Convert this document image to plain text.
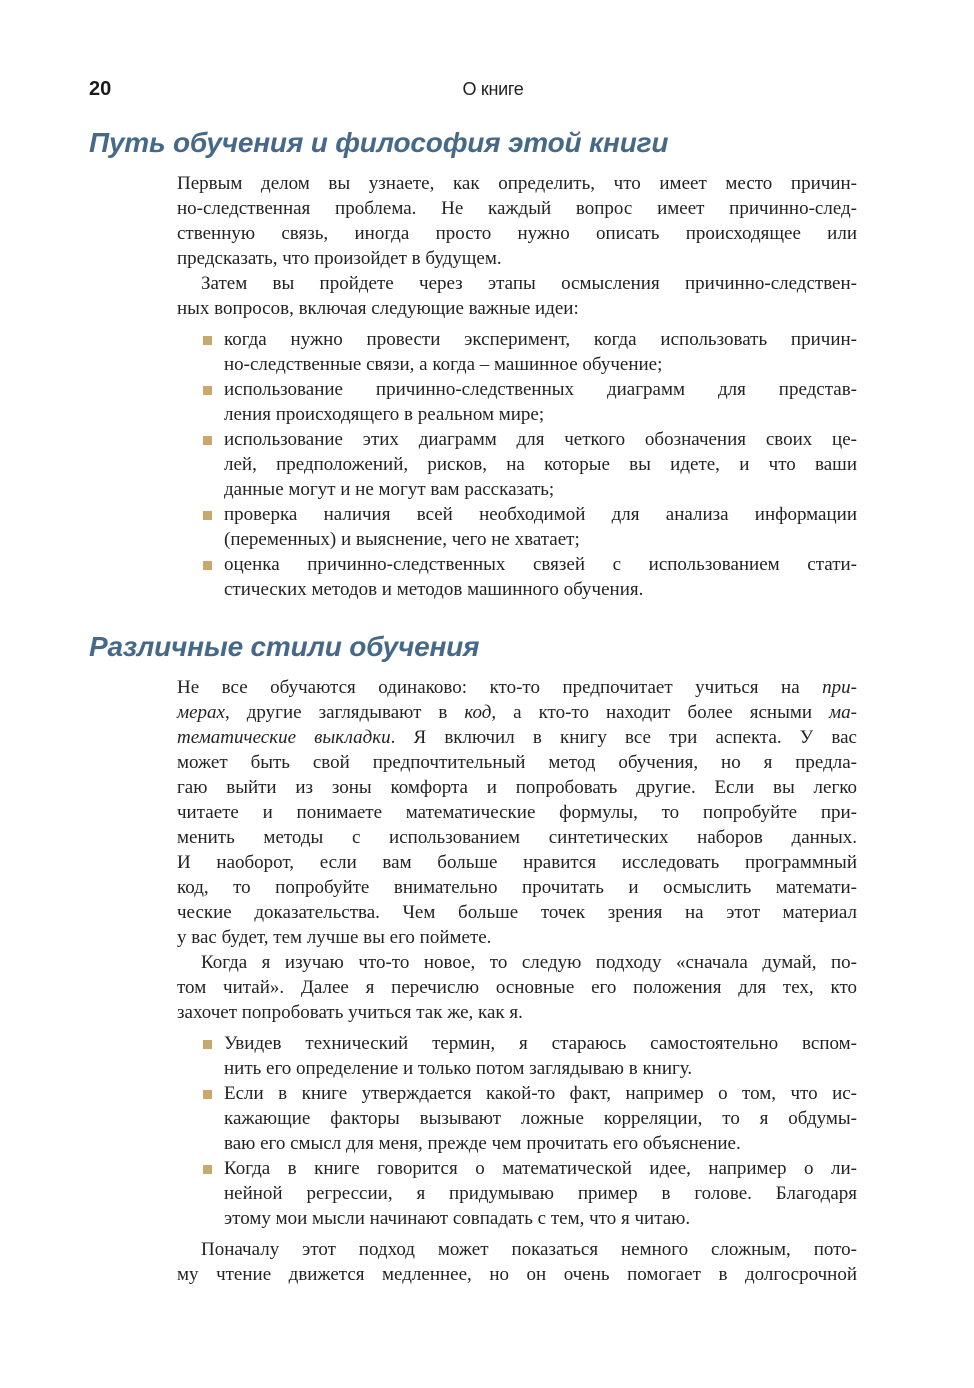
20	О книге
Путь обучения и философия этой книги
Первым делом вы узнаете, как определить, что имеет место причин-
но-следственная проблема. Не каждый вопрос имеет причинно-след-
ственную связь, иногда просто нужно описать происходящее или
предсказать, что произойдет в будущем.
Затем вы пройдете через этапы осмысления причинно-следствен-
ных вопросов, включая следующие важные идеи:
когда нужно провести эксперимент, когда использовать причин-
но-следственные связи, а когда – машинное обучение;
использование причинно-следственных диаграмм для представ-
ления происходящего в реальном мире;
использование этих диаграмм для четкого обозначения своих це-
лей, предположений, рисков, на которые вы идете, и что ваши
данные могут и не могут вам рассказать;
проверка наличия всей необходимой для анализа информации
(переменных) и выяснение, чего не хватает;
оценка причинно-следственных связей с использованием стати-
стических методов и методов машинного обучения.
Различные стили обучения
Не все обучаются одинаково: кто-то предпочитает учиться на при-
мерах, другие заглядывают в код, а кто-то находит более ясными ма-
тематические выкладки. Я включил в книгу все три аспекта. У вас
может быть свой предпочтительный метод обучения, но я предла-
гаю выйти из зоны комфорта и попробовать другие. Если вы легко
читаете и понимаете математические формулы, то попробуйте при-
менить методы с использованием синтетических наборов данных.
И наоборот, если вам больше нравится исследовать программный
код, то попробуйте внимательно прочитать и осмыслить математи-
ческие доказательства. Чем больше точек зрения на этот материал
у вас будет, тем лучше вы его поймете.
Когда я изучаю что-то новое, то следую подходу «сначала думай, по-
том читай». Далее я перечислю основные его положения для тех, кто
захочет попробовать учиться так же, как я.
Увидев технический термин, я стараюсь самостоятельно вспом-
нить его определение и только потом заглядываю в книгу.
Если в книге утверждается какой-то факт, например о том, что ис-
кажающие факторы вызывают ложные корреляции, то я обдумы-
ваю его смысл для меня, прежде чем прочитать его объяснение.
Когда в книге говорится о математической идее, например о ли-
нейной регрессии, я придумываю пример в голове. Благодаря
этому мои мысли начинают совпадать с тем, что я читаю.
Поначалу этот подход может показаться немного сложным, пото-
му чтение движется медленнее, но он очень помогает в долгосрочной
